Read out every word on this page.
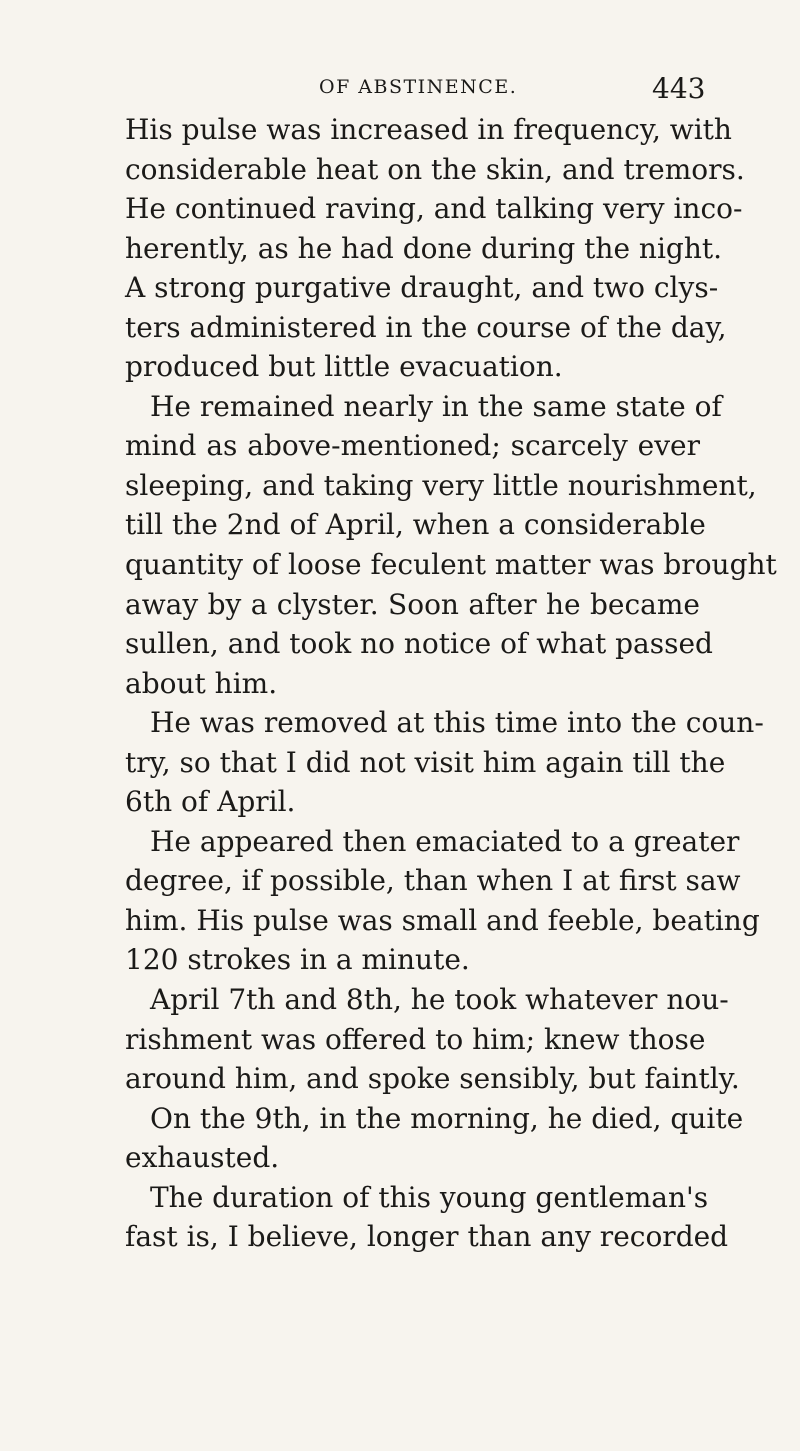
OF ABSTINENCE.	443
His pulse was increased in frequency, with
considerable heat on the skin, and tremors.
He continued raving, and talking very inco-
herently, as he had done during the night.
A strong purgative draught, and two clys-
ters administered in the course of the day,
produced but little evacuation.
He remained nearly in the same state of
mind as above-mentioned; scarcely ever
sleeping, and taking very little nourishment,
till the 2nd of April, when a considerable
quantity of loose feculent matter was brought
away by a clyster. Soon after he became
sullen, and took no notice of what passed
about him.
He was removed at this time into the coun-
try, so that I did not visit him again till the
6th of April.
He appeared then emaciated to a greater
degree, if possible, than when I at first saw
him. His pulse was small and feeble, beating
120 strokes in a minute.
April 7th and 8th, he took whatever nou-
rishment was offered to him; knew those
around him, and spoke sensibly, but faintly.
On the 9th, in the morning, he died, quite
exhausted.
The duration of this young gentleman's
fast is, I believe, longer than any recorded
